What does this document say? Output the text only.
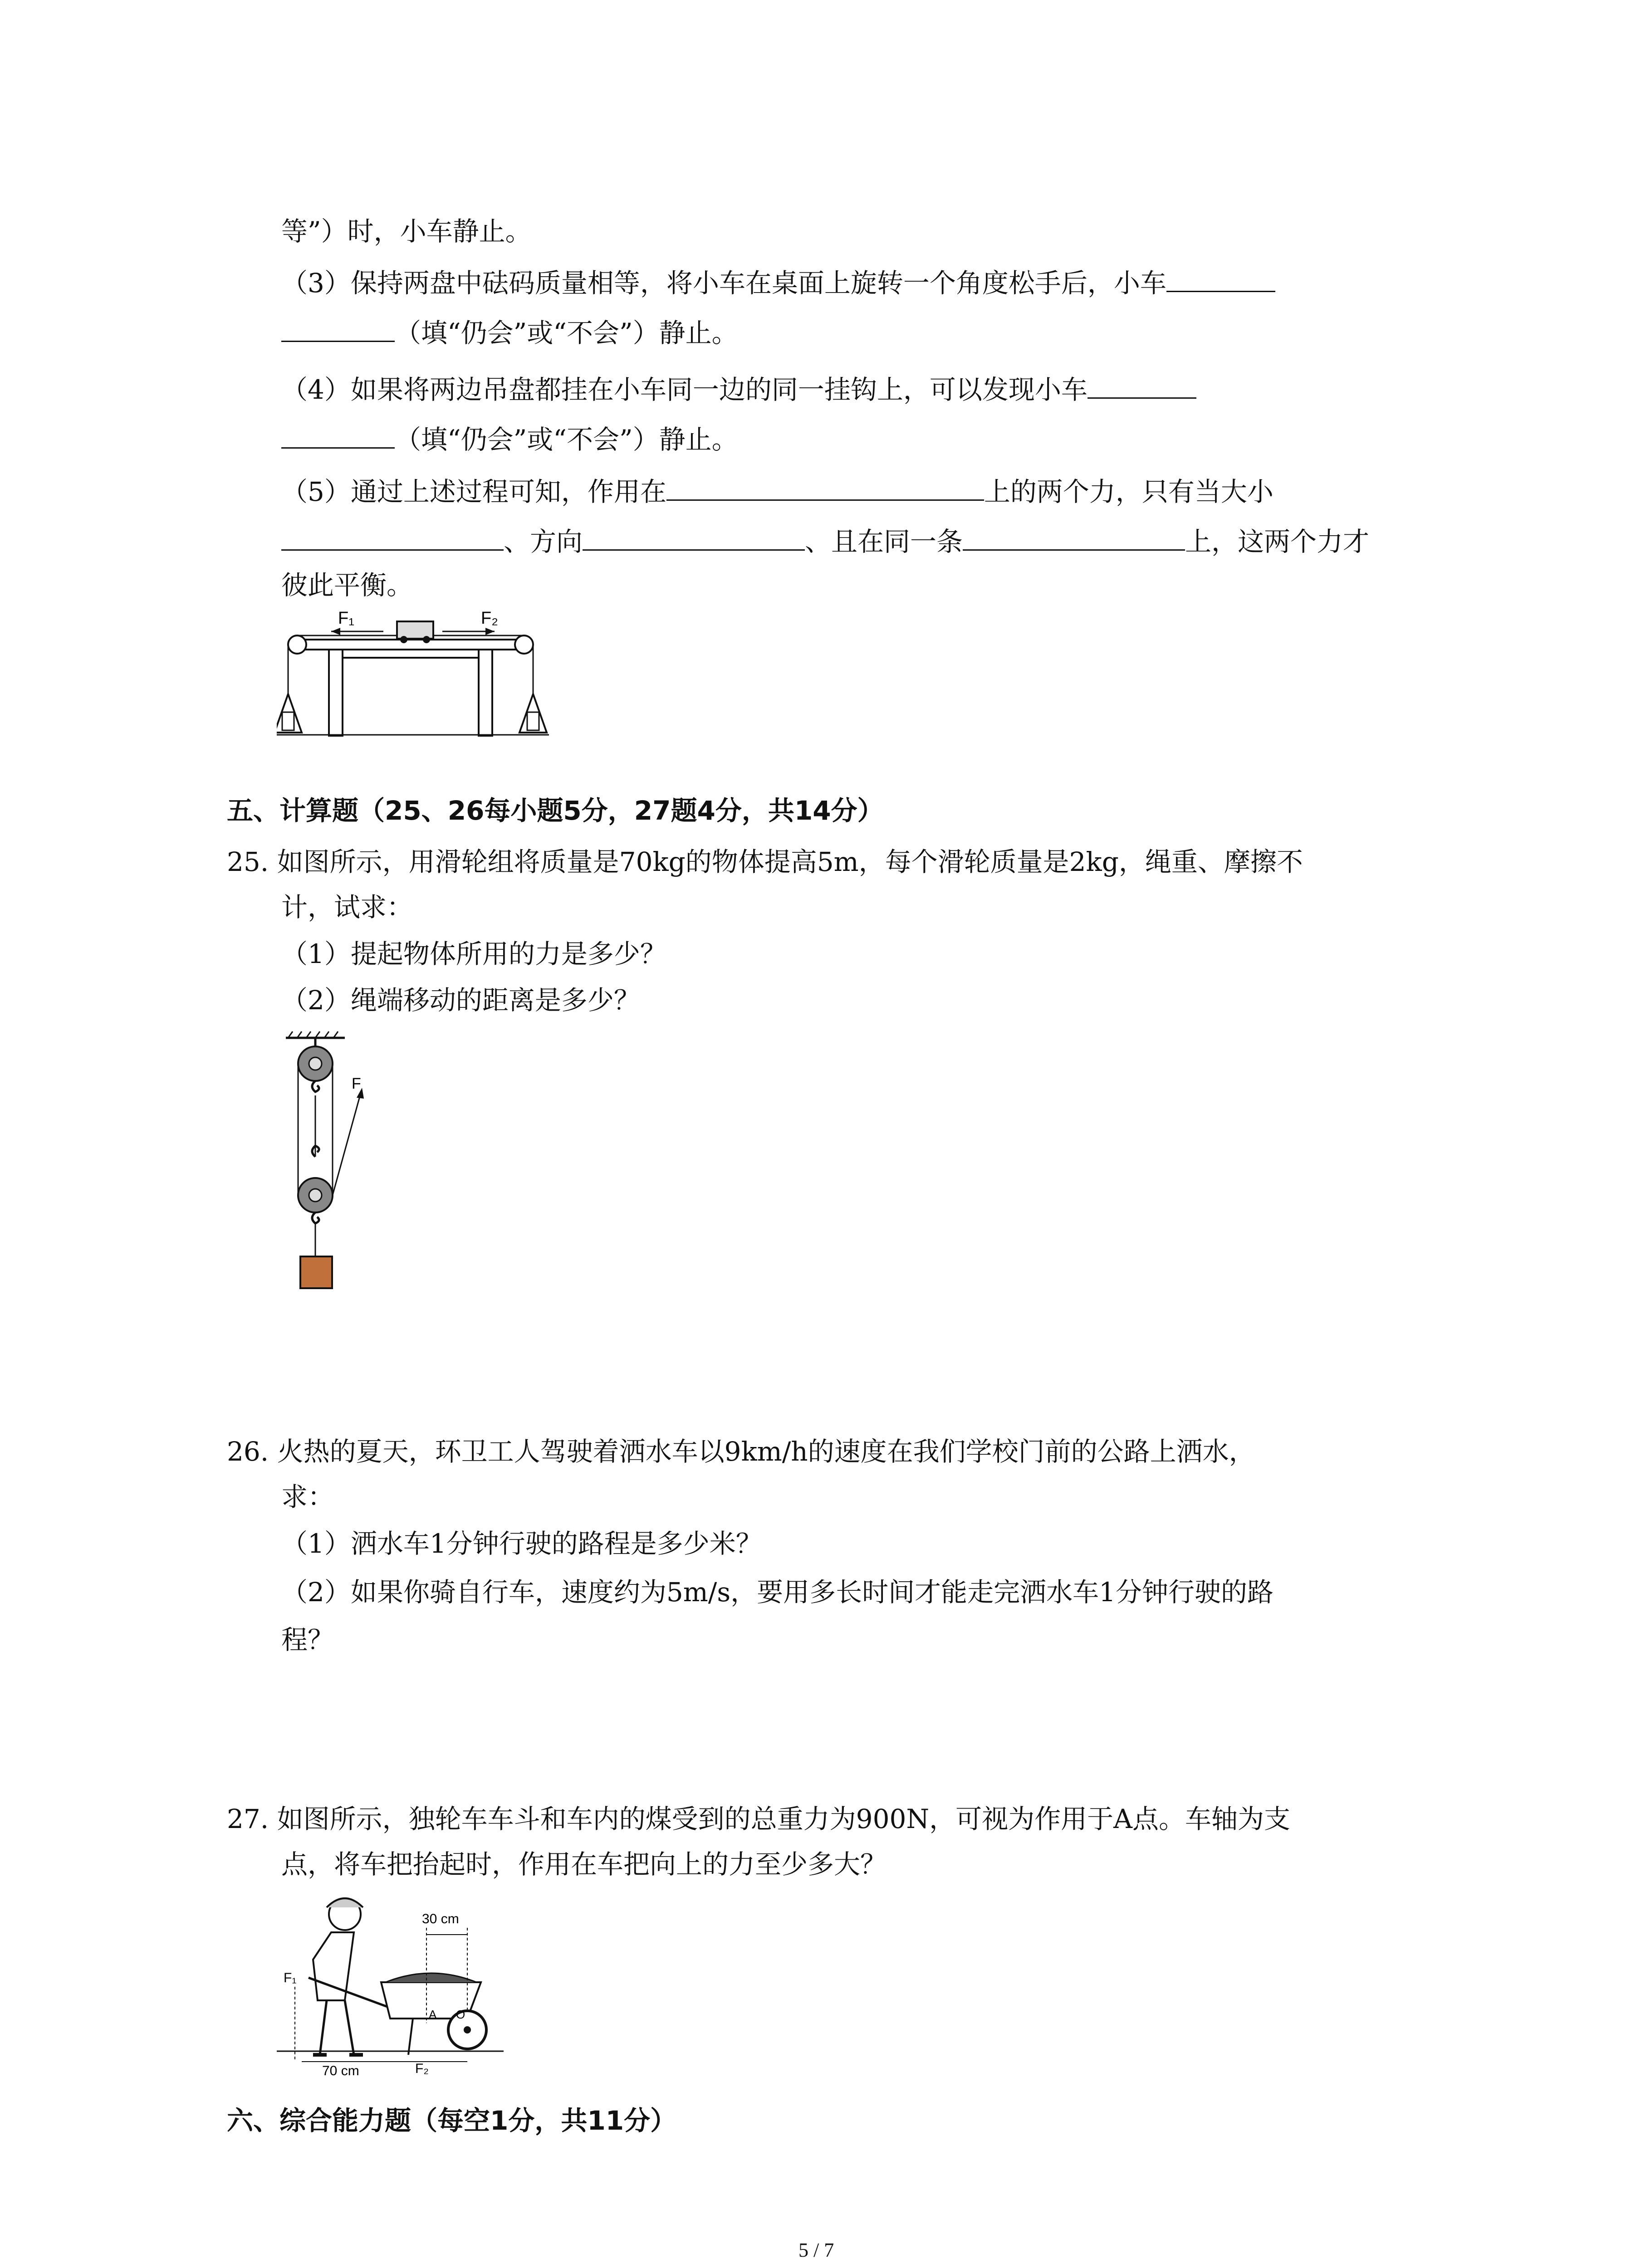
等”）时，小车静止。
（3）保持两盘中砝码质量相等，将小车在桌面上旋转一个角度松手后，小车
（填“仍会”或“不会”）静止。
（4）如果将两边吊盘都挂在小车同一边的同一挂钩上，可以发现小车
（填“仍会”或“不会”）静止。
（5）通过上述过程可知，作用在	上的两个力，只有当大小
、方向	、且在同一条	上，这两个力才
彼此平衡。
F₁	F₂
五、计算题（25、26每小题5分，27题4分，共14分）
25. 如图所示，用滑轮组将质量是70kg的物体提高5m，每个滑轮质量是2kg，绳重、摩擦不
计，试求：
（1）提起物体所用的力是多少？
（2）绳端移动的距离是多少？
F
26. 火热的夏天，环卫工人驾驶着洒水车以9km/h的速度在我们学校门前的公路上洒水，
求：
（1）洒水车1分钟行驶的路程是多少米？
（2）如果你骑自行车，速度约为5m/s，要用多长时间才能走完洒水车1分钟行驶的路
程？
27. 如图所示，独轮车车斗和车内的煤受到的总重力为900N，可视为作用于A点。车轴为支
点，将车把抬起时，作用在车把向上的力至少多大？
30 cm
70 cm
F₁
F₂
A O
六、综合能力题（每空1分，共11分）
5 / 7
